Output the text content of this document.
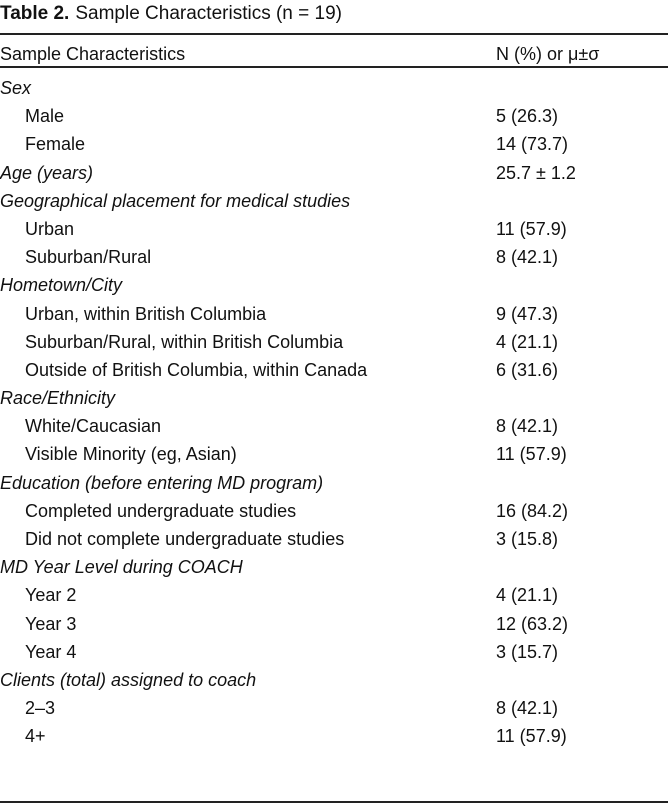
Table 2. Sample Characteristics (n = 19)
Sample Characteristics	N (%) or μ±σ
Sex
Male	5 (26.3)
Female	14 (73.7)
Age (years)	25.7 ± 1.2
Geographical placement for medical studies
Urban	11 (57.9)
Suburban/Rural	8 (42.1)
Hometown/City
Urban, within British Columbia	9 (47.3)
Suburban/Rural, within British Columbia	4 (21.1)
Outside of British Columbia, within Canada	6 (31.6)
Race/Ethnicity
White/Caucasian	8 (42.1)
Visible Minority (eg, Asian)	11 (57.9)
Education (before entering MD program)
Completed undergraduate studies	16 (84.2)
Did not complete undergraduate studies	3 (15.8)
MD Year Level during COACH
Year 2	4 (21.1)
Year 3	12 (63.2)
Year 4	3 (15.7)
Clients (total) assigned to coach
2–3	8 (42.1)
4+	11 (57.9)
